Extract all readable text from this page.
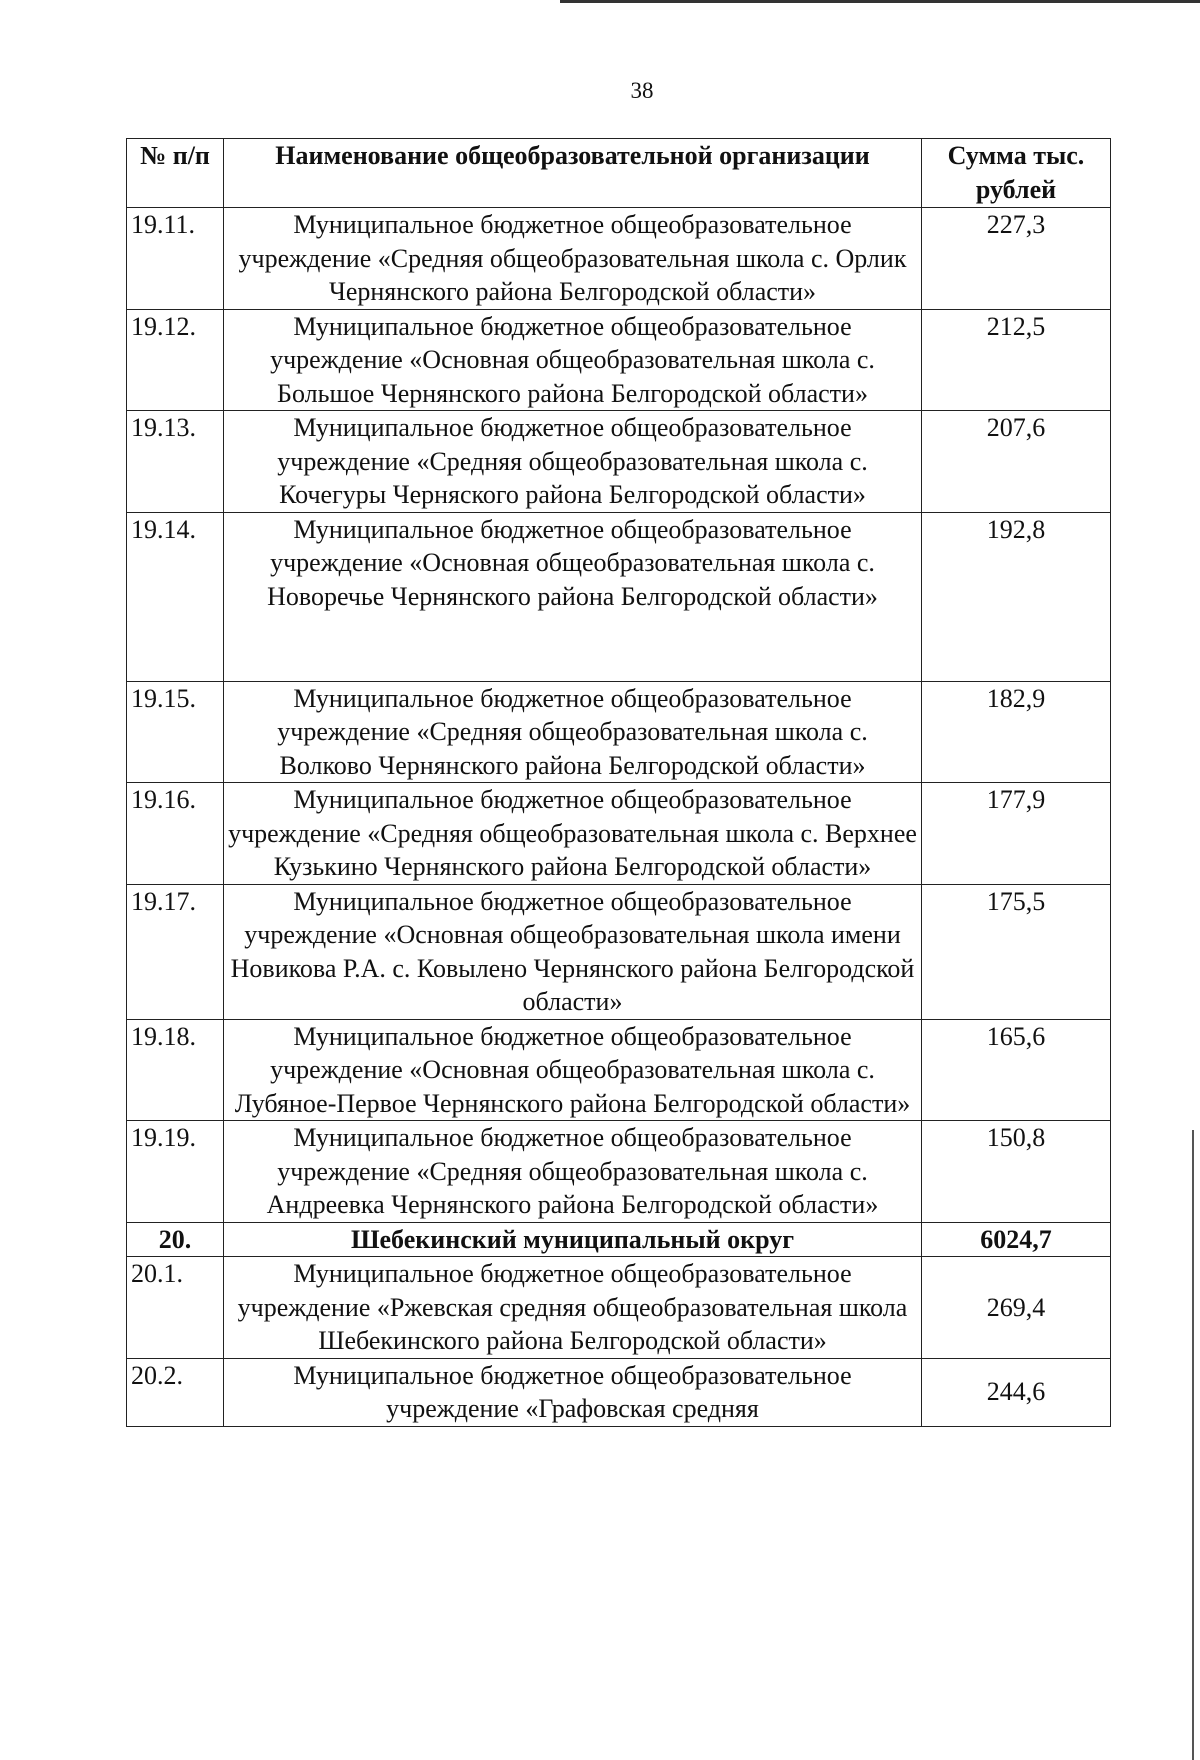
38
№ п/п	Наименование общеобразовательной организации	Сумма тыс. рублей
19.11.	Муниципальное бюджетное общеобразовательное учреждение «Средняя общеобразовательная школа с. Орлик Чернянского района Белгородской области»	227,3
19.12.	Муниципальное бюджетное общеобразовательное учреждение «Основная общеобразовательная школа с. Большое Чернянского района Белгородской области»	212,5
19.13.	Муниципальное бюджетное общеобразовательное учреждение «Средняя общеобразовательная школа с. Кочегуры Черняского района Белгородской области»	207,6
19.14.	Муниципальное бюджетное общеобразовательное учреждение «Основная общеобразовательная школа с. Новоречье Чернянского района Белгородской области»	192,8
19.15.	Муниципальное бюджетное общеобразовательное учреждение «Средняя общеобразовательная школа с. Волково Чернянского района Белгородской области»	182,9
19.16.	Муниципальное бюджетное общеобразовательное учреждение «Средняя общеобразовательная школа с. Верхнее Кузькино Чернянского района Белгородской области»	177,9
19.17.	Муниципальное бюджетное общеобразовательное учреждение «Основная общеобразовательная школа имени Новикова Р.А. с. Ковылено Чернянского района Белгородской области»	175,5
19.18.	Муниципальное бюджетное общеобразовательное учреждение «Основная общеобразовательная школа с. Лубяное-Первое Чернянского района Белгородской области»	165,6
19.19.	Муниципальное бюджетное общеобразовательное учреждение «Средняя общеобразовательная школа с. Андреевка Чернянского района Белгородской области»	150,8
20.	Шебекинский муниципальный округ	6024,7
20.1.	Муниципальное бюджетное общеобразовательное учреждение «Ржевская средняя общеобразовательная школа Шебекинского района Белгородской области»	269,4
20.2.	Муниципальное бюджетное общеобразовательное учреждение «Графовская средняя	244,6
